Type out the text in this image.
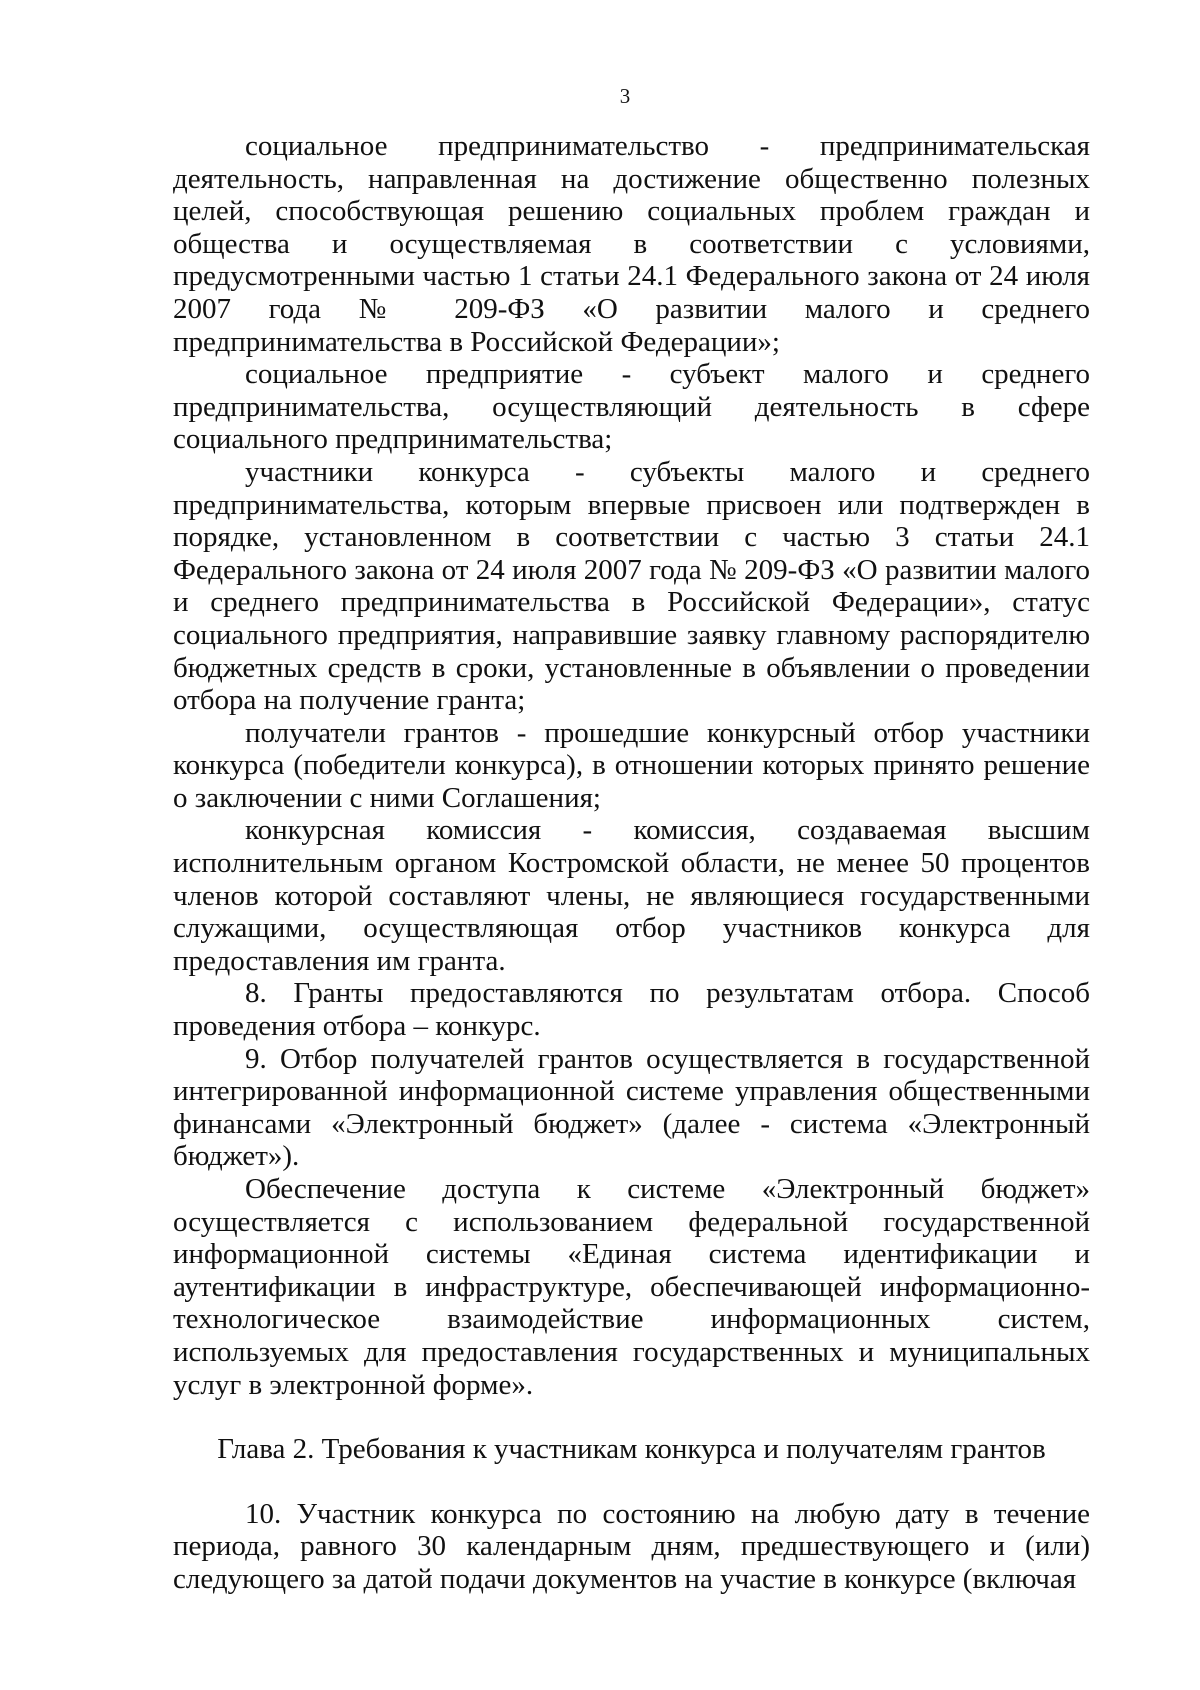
3

социальное предпринимательство - предпринимательская деятельность, направленная на достижение общественно полезных целей, способствующая решению социальных проблем граждан и общества и осуществляемая в соответствии с условиями, предусмотренными частью 1 статьи 24.1 Федерального закона от 24 июля 2007 года № 209-ФЗ «О развитии малого и среднего предпринимательства в Российской Федерации»;

социальное предприятие - субъект малого и среднего предпринимательства, осуществляющий деятельность в сфере социального предпринимательства;

участники конкурса - субъекты малого и среднего предпринимательства, которым впервые присвоен или подтвержден в порядке, установленном в соответствии с частью 3 статьи 24.1 Федерального закона от 24 июля 2007 года № 209-ФЗ «О развитии малого и среднего предпринимательства в Российской Федерации», статус социального предприятия, направившие заявку главному распорядителю бюджетных средств в сроки, установленные в объявлении о проведении отбора на получение гранта;

получатели грантов - прошедшие конкурсный отбор участники конкурса (победители конкурса), в отношении которых принято решение о заключении с ними Соглашения;

конкурсная комиссия - комиссия, создаваемая высшим исполнительным органом Костромской области, не менее 50 процентов членов которой составляют члены, не являющиеся государственными служащими, осуществляющая отбор участников конкурса для предоставления им гранта.

8. Гранты предоставляются по результатам отбора. Способ проведения отбора – конкурс.

9. Отбор получателей грантов осуществляется в государственной интегрированной информационной системе управления общественными финансами «Электронный бюджет» (далее - система «Электронный бюджет»).

Обеспечение доступа к системе «Электронный бюджет» осуществляется с использованием федеральной государственной информационной системы «Единая система идентификации и аутентификации в инфраструктуре, обеспечивающей информационно-технологическое взаимодействие информационных систем, используемых для предоставления государственных и муниципальных услуг в электронной форме».

Глава 2. Требования к участникам конкурса и получателям грантов

10. Участник конкурса по состоянию на любую дату в течение периода, равного 30 календарным дням, предшествующего и (или) следующего за датой подачи документов на участие в конкурсе (включая
